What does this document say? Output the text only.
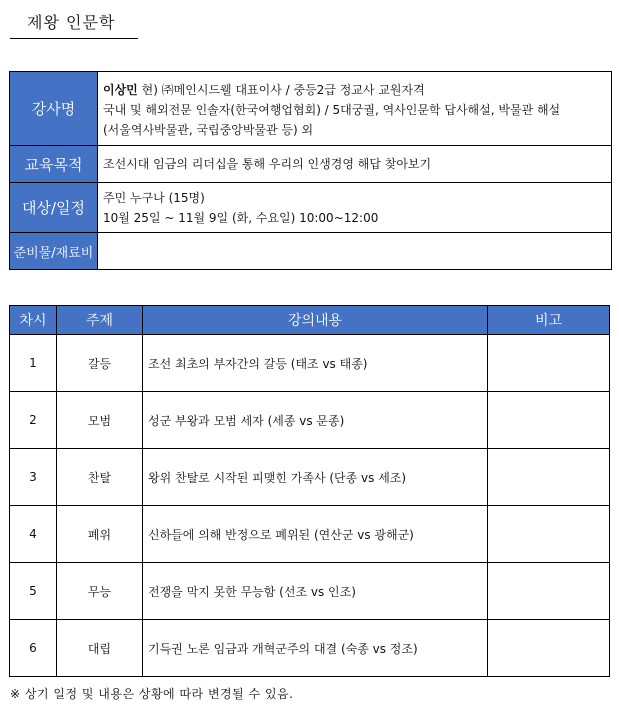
제왕 인문학
강사명	이상민 현) ㈜메인시드웰 대표이사 / 중등2급 정교사 교원자격
국내 및 해외전문 인솔자(한국여행업협회) / 5대궁궐, 역사인문학 답사해설, 박물관 해설
(서울역사박물관, 국립중앙박물관 등) 외

교육목적	조선시대 임금의 리더십을 통해 우리의 인생경영 해답 찾아보기
대상/일정	주민 누구나 (15명)
10월 25일 ~ 11월 9일 (화, 수요일) 10:00~12:00

준비물/재료비	
차시	주제	강의내용	비고
1	갈등	조선 최초의 부자간의 갈등 (태조 vs 태종)	
2	모범	성군 부왕과 모범 세자 (세종 vs 문종)	
3	찬탈	왕위 찬탈로 시작된 피맺힌 가족사 (단종 vs 세조)	
4	폐위	신하들에 의해 반정으로 폐위된 (연산군 vs 광해군)	
5	무능	전쟁을 막지 못한 무능함 (선조 vs 인조)	
6	대립	기득권 노론 임금과 개혁군주의 대결 (숙종 vs 정조)	
※ 상기 일정 및 내용은 상황에 따라 변경될 수 있음.
